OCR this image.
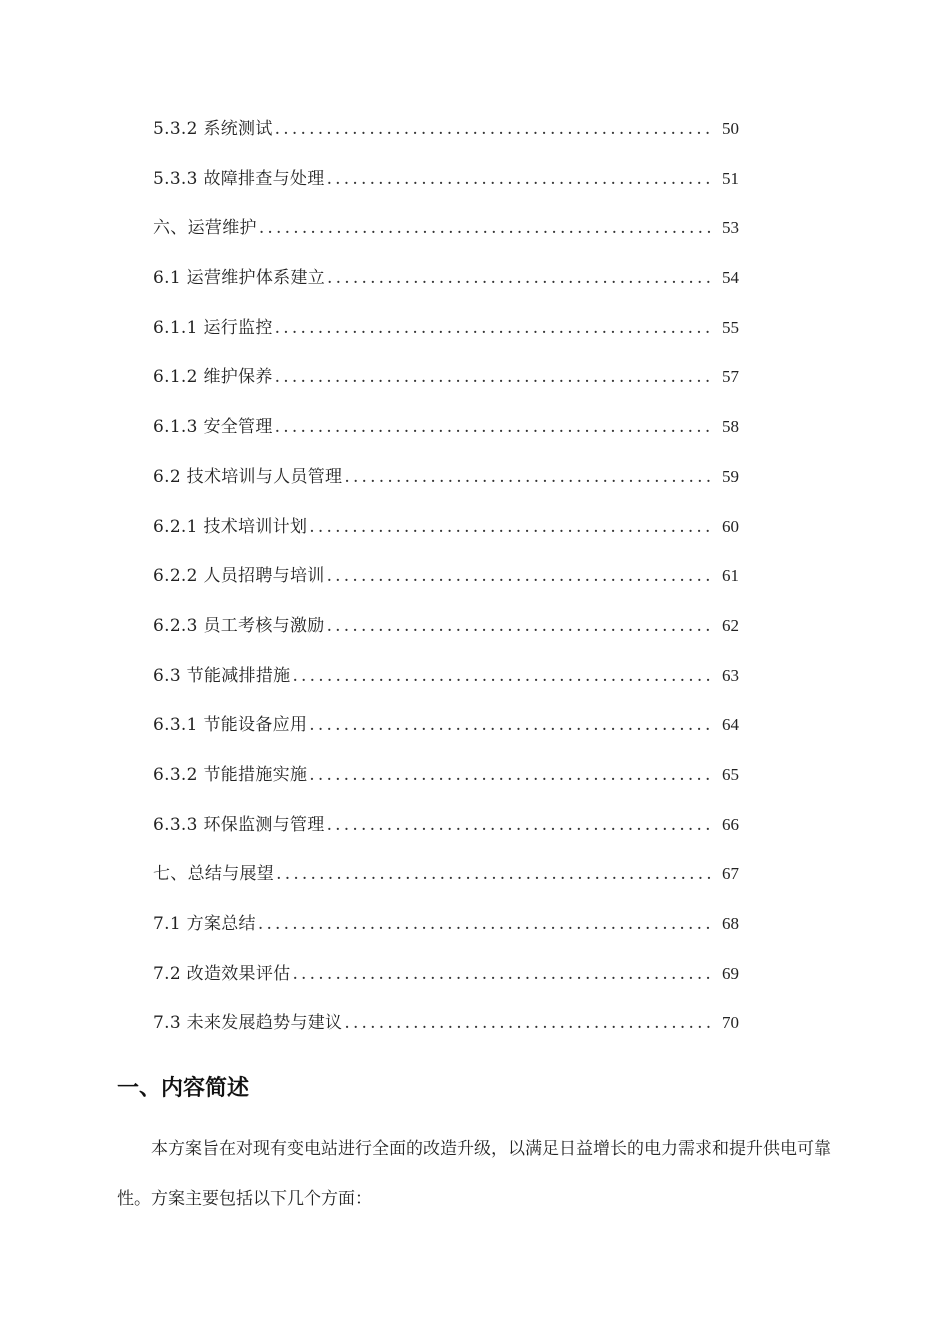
5.3.2 系统测试 .....	50
5.3.3 故障排查与处理 .....	51
六、运营维护 .....	53
6.1 运营维护体系建立 .....	54
6.1.1 运行监控 .....	55
6.1.2 维护保养 .....	57
6.1.3 安全管理 .....	58
6.2 技术培训与人员管理 .....	59
6.2.1 技术培训计划 .....	60
6.2.2 人员招聘与培训 .....	61
6.2.3 员工考核与激励 .....	62
6.3 节能减排措施 .....	63
6.3.1 节能设备应用 .....	64
6.3.2 节能措施实施 .....	65
6.3.3 环保监测与管理 .....	66
七、总结与展望 .....	67
7.1 方案总结 .....	68
7.2 改造效果评估 .....	69
7.3 未来发展趋势与建议 .....	70
一、内容简述

本方案旨在对现有变电站进行全面的改造升级，以满足日益增长的电力需求和提升供电可靠性。方案主要包括以下几个方面：
